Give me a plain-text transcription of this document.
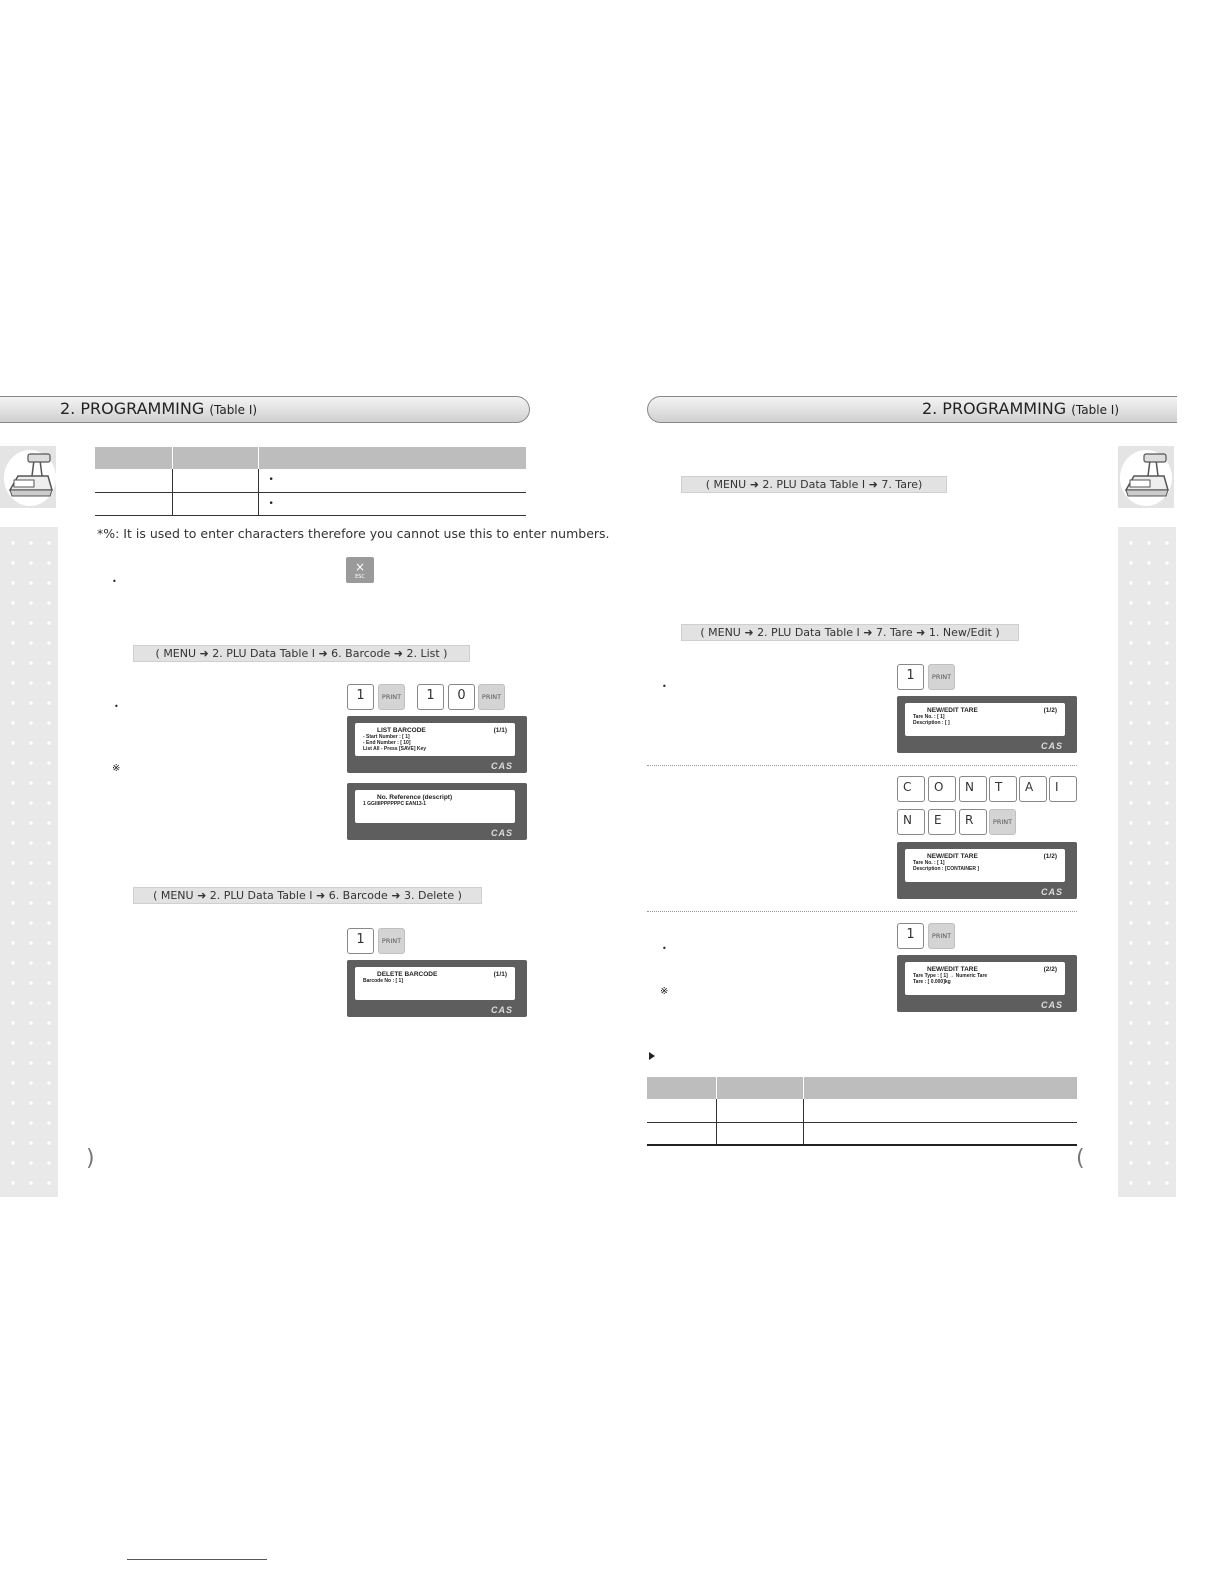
2. PROGRAMMING (Table I)

		•
		•
*%: It is used to enter characters therefore you cannot use this to enter numbers.
•
×
ESC
( MENU ➜ 2. PLU Data Table I ➜ 6. Barcode ➜ 2. List )
•
※
1	PRINT	1	0	PRINT
LIST BARCODE	(1/1)
- Start Number : [ 1]
- End Number : [ 10]
List All - Press [SAVE] Key
CAS
No. Reference (descript)
1 GGIIIIPPPPPPC EAN13-1
CAS
( MENU ➜ 2. PLU Data Table I ➜ 6. Barcode ➜ 3. Delete )
1	PRINT
DELETE BARCODE	(1/1)
Barcode No : [ 1]
CAS
)
2. PROGRAMMING (Table I)
( MENU ➜ 2. PLU Data Table I ➜ 7. Tare)
( MENU ➜ 2. PLU Data Table I ➜ 7. Tare ➜ 1. New/Edit )
•
1	PRINT
NEW/EDIT TARE	(1/2)
Tare No. : [ 1]
Description : [ ]
CAS
C	O	N	T	A	I
N	E	R	PRINT
NEW/EDIT TARE	(1/2)
Tare No. : [ 1]
Description : [CONTAINER ]
CAS
•
※
1	PRINT
NEW/EDIT TARE	(2/2)
Tare Type : [ 1] → Numeric Tare
Tare : [ 0.000]kg
CAS

(
